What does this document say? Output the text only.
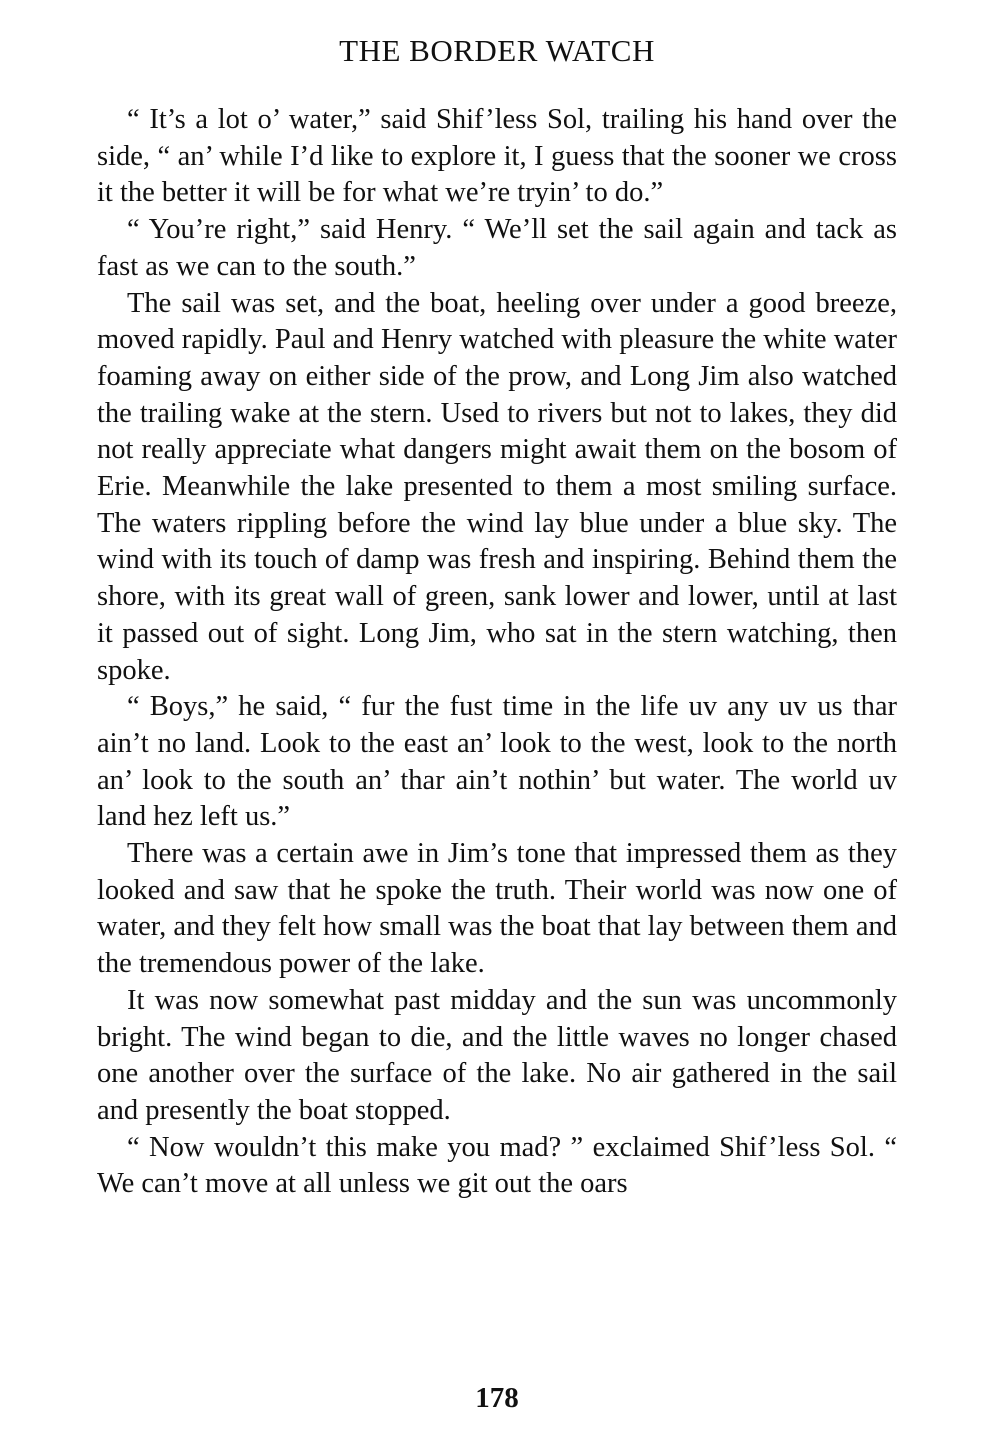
THE BORDER WATCH

“ It’s a lot o’ water,” said Shif’less Sol, trailing his hand over the side, “ an’ while I’d like to explore it, I guess that the sooner we cross it the better it will be for what we’re tryin’ to do.”

“ You’re right,” said Henry. “ We’ll set the sail again and tack as fast as we can to the south.”

The sail was set, and the boat, heeling over under a good breeze, moved rapidly. Paul and Henry watched with pleasure the white water foaming away on either side of the prow, and Long Jim also watched the trailing wake at the stern. Used to rivers but not to lakes, they did not really appreciate what dangers might await them on the bosom of Erie. Meanwhile the lake presented to them a most smiling surface. The waters rippling before the wind lay blue under a blue sky. The wind with its touch of damp was fresh and inspiring. Behind them the shore, with its great wall of green, sank lower and lower, until at last it passed out of sight. Long Jim, who sat in the stern watching, then spoke.

“ Boys,” he said, “ fur the fust time in the life uv any uv us thar ain’t no land. Look to the east an’ look to the west, look to the north an’ look to the south an’ thar ain’t nothin’ but water. The world uv land hez left us.”

There was a certain awe in Jim’s tone that impressed them as they looked and saw that he spoke the truth. Their world was now one of water, and they felt how small was the boat that lay between them and the tremendous power of the lake.

It was now somewhat past midday and the sun was uncommonly bright. The wind began to die, and the little waves no longer chased one another over the surface of the lake. No air gathered in the sail and presently the boat stopped.

“ Now wouldn’t this make you mad? ” exclaimed Shif’less Sol. “ We can’t move at all unless we git out the oars

178
